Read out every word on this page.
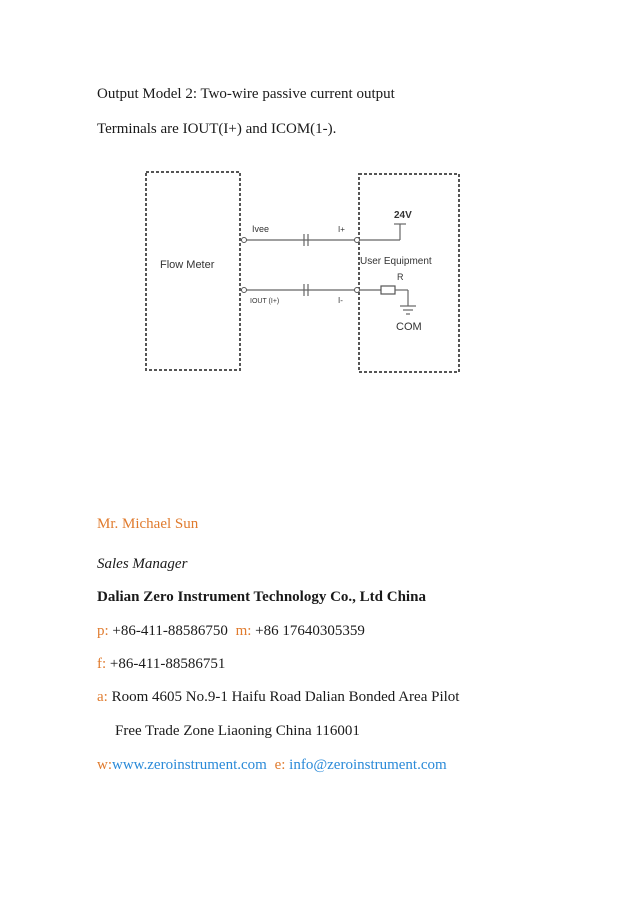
Output Model 2: Two-wire passive current output
Terminals are IOUT(I+) and ICOM(1-).
Flow Meter
Ivee	I+
24V
User Equipment
R
IOUT (I+)	I-
COM
Mr. Michael Sun
Sales Manager
Dalian Zero Instrument Technology Co., Ltd China
p: +86-411-88586750 m: +86 17640305359
f: +86-411-88586751
a: Room 4605 No.9-1 Haifu Road Dalian Bonded Area Pilot
Free Trade Zone Liaoning China 116001
w:www.zeroinstrument.com e: info@zeroinstrument.com
